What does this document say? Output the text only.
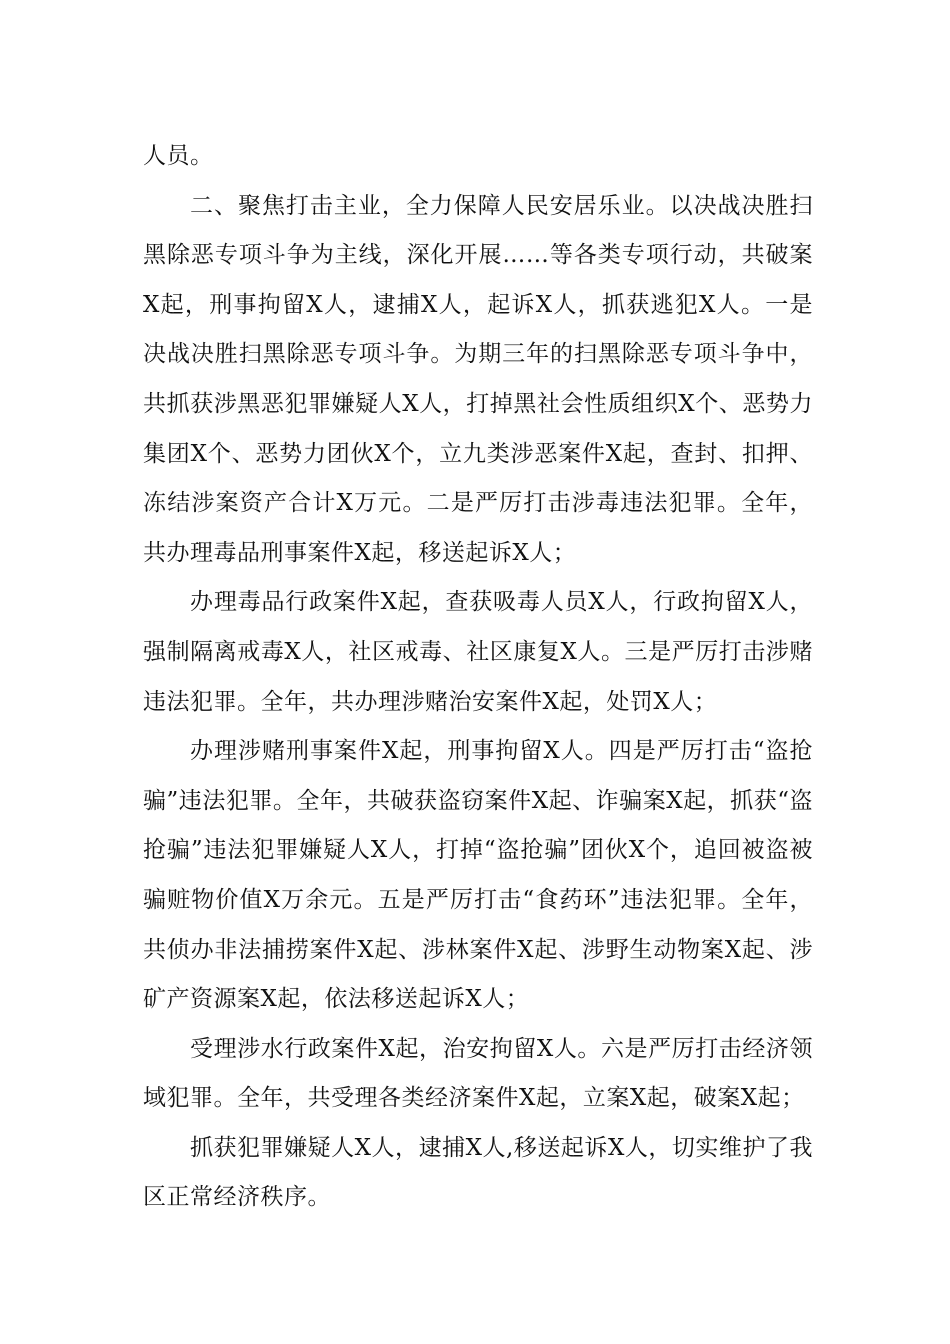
人员。

二、聚焦打击主业，全力保障人民安居乐业。以决战决胜扫黑除恶专项斗争为主线，深化开展……等各类专项行动，共破案X起，刑事拘留X人，逮捕X人，起诉X人，抓获逃犯X人。一是决战决胜扫黑除恶专项斗争。为期三年的扫黑除恶专项斗争中，共抓获涉黑恶犯罪嫌疑人X人，打掉黑社会性质组织X个、恶势力集团X个、恶势力团伙X个，立九类涉恶案件X起，查封、扣押、冻结涉案资产合计X万元。二是严厉打击涉毒违法犯罪。全年，共办理毒品刑事案件X起，移送起诉X人；

办理毒品行政案件X起，查获吸毒人员X人，行政拘留X人，强制隔离戒毒X人，社区戒毒、社区康复X人。三是严厉打击涉赌违法犯罪。全年，共办理涉赌治安案件X起，处罚X人；

办理涉赌刑事案件X起，刑事拘留X人。四是严厉打击“盗抢骗”违法犯罪。全年，共破获盗窃案件X起、诈骗案X起，抓获“盗抢骗”违法犯罪嫌疑人X人，打掉“盗抢骗”团伙X个，追回被盗被骗赃物价值X万余元。五是严厉打击“食药环”违法犯罪。全年，共侦办非法捕捞案件X起、涉林案件X起、涉野生动物案X起、涉矿产资源案X起，依法移送起诉X人；

受理涉水行政案件X起，治安拘留X人。六是严厉打击经济领域犯罪。全年，共受理各类经济案件X起，立案X起，破案X起；

抓获犯罪嫌疑人X人，逮捕X人,移送起诉X人，切实维护了我区正常经济秩序。
